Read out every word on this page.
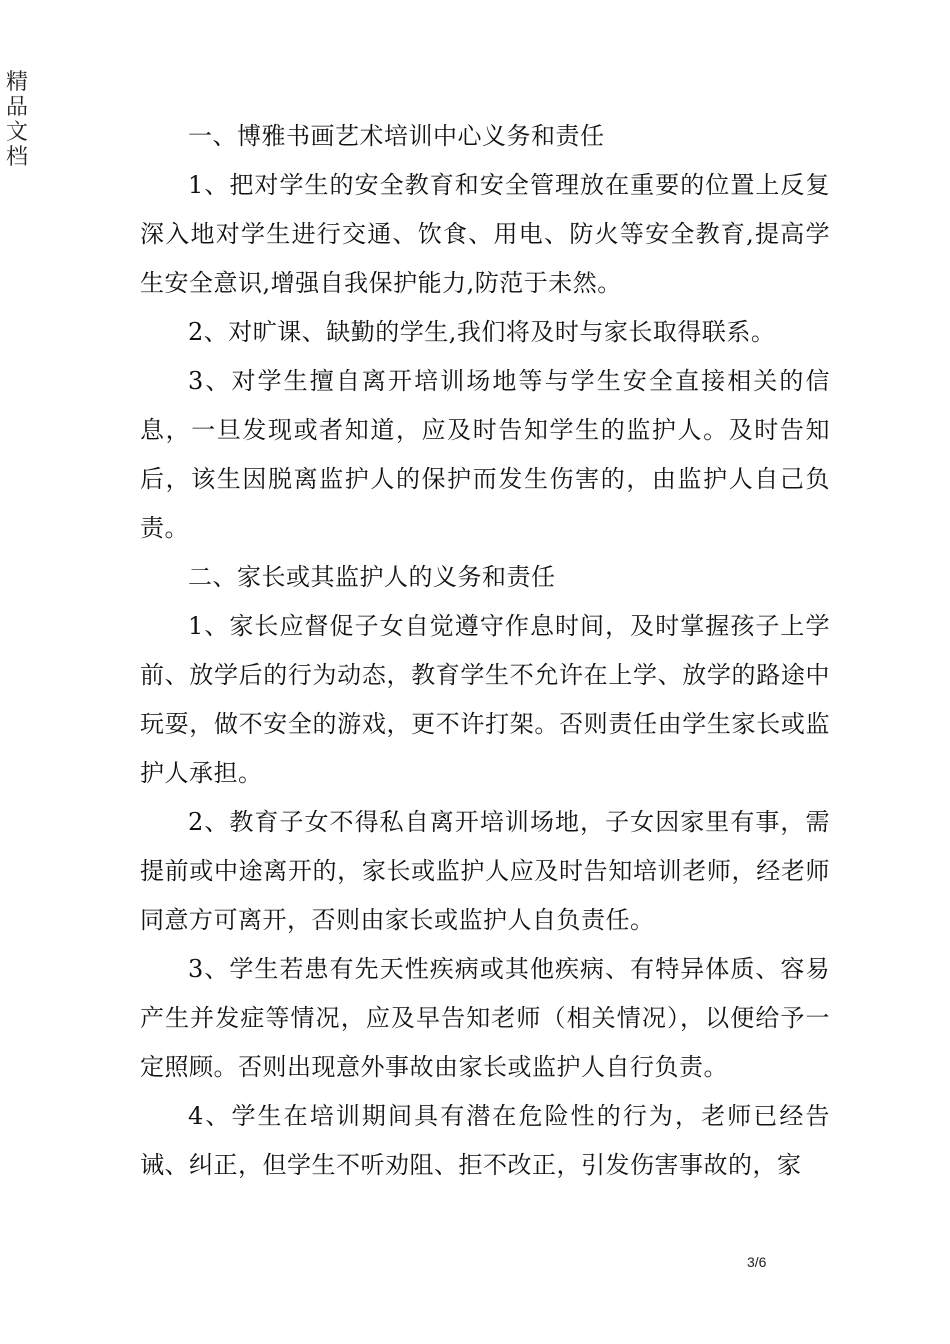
精品文档

一、博雅书画艺术培训中心义务和责任

1、把对学生的安全教育和安全管理放在重要的位置上反复深入地对学生进行交通、饮食、用电、防火等安全教育,提高学生安全意识,增强自我保护能力,防范于未然。

2、对旷课、缺勤的学生,我们将及时与家长取得联系。

3、对学生擅自离开培训场地等与学生安全直接相关的信息，一旦发现或者知道，应及时告知学生的监护人。及时告知后，该生因脱离监护人的保护而发生伤害的，由监护人自己负责。

二、家长或其监护人的义务和责任

1、家长应督促子女自觉遵守作息时间，及时掌握孩子上学前、放学后的行为动态，教育学生不允许在上学、放学的路途中玩耍，做不安全的游戏，更不许打架。否则责任由学生家长或监护人承担。

2、教育子女不得私自离开培训场地，子女因家里有事，需提前或中途离开的，家长或监护人应及时告知培训老师，经老师同意方可离开，否则由家长或监护人自负责任。

3、学生若患有先天性疾病或其他疾病、有特异体质、容易产生并发症等情况，应及早告知老师（相关情况），以便给予一定照顾。否则出现意外事故由家长或监护人自行负责。

4、学生在培训期间具有潜在危险性的行为，老师已经告诫、纠正，但学生不听劝阻、拒不改正，引发伤害事故的，家

3/6
